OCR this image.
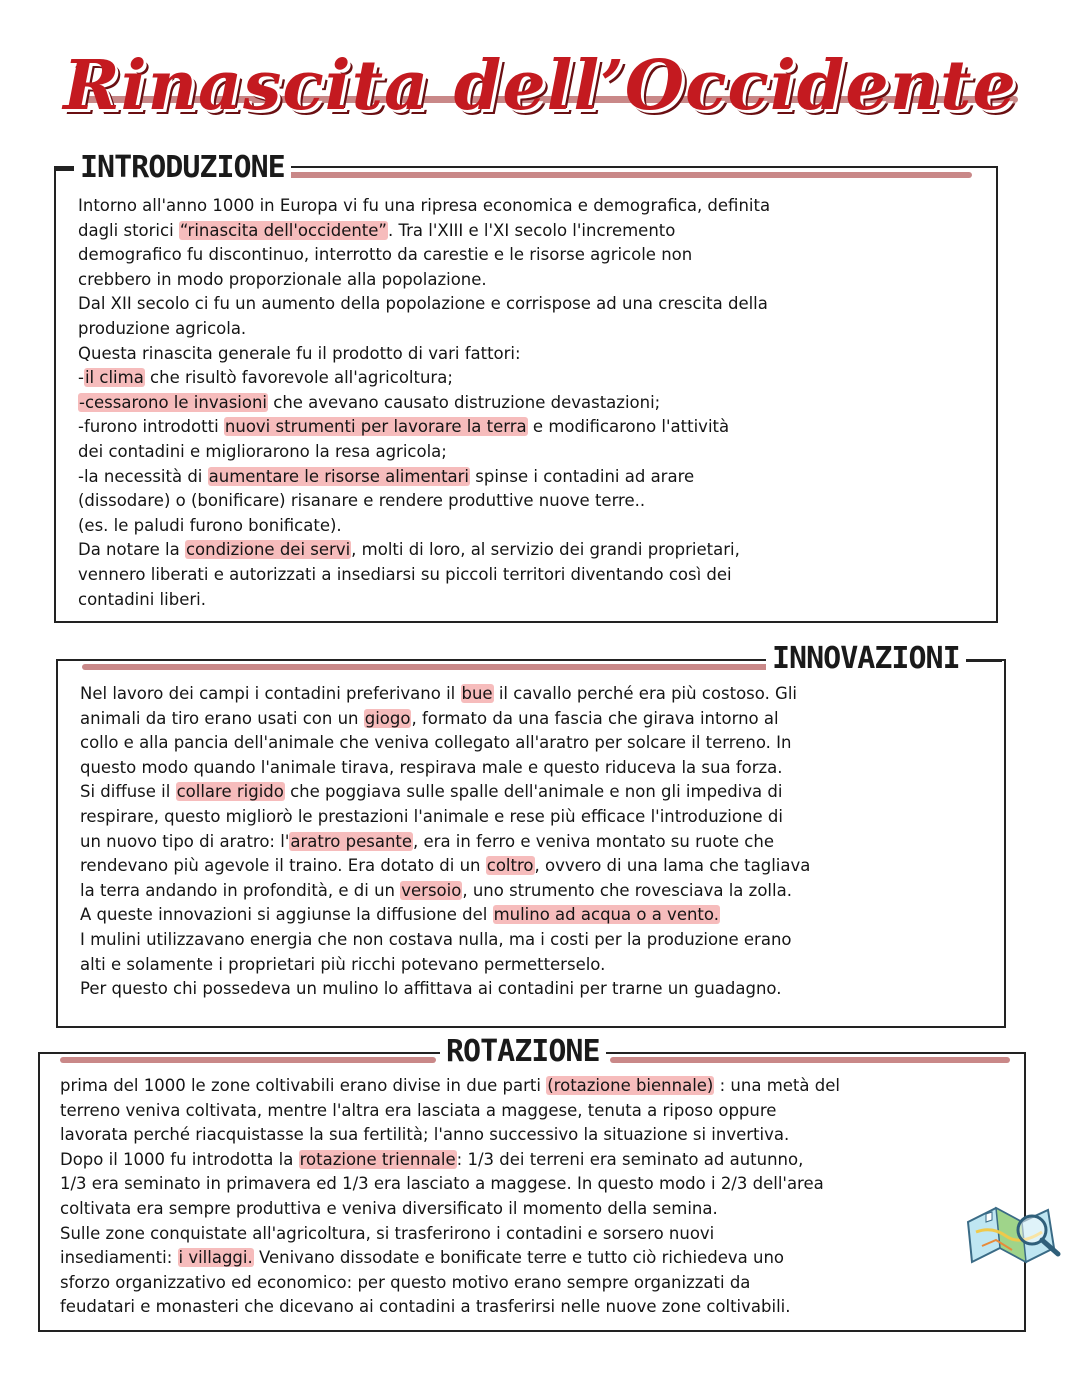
Rinascita dell’Occidente
INTRODUZIONE

Intorno all'anno 1000 in Europa vi fu una ripresa economica e demografica, definita

dagli storici “rinascita dell'occidente”. Tra l'XIII e l'XI secolo l'incremento

demografico fu discontinuo, interrotto da carestie e le risorse agricole non

crebbero in modo proporzionale alla popolazione.

Dal XII secolo ci fu un aumento della popolazione e corrispose ad una crescita della

produzione agricola.

Questa rinascita generale fu il prodotto di vari fattori:

-il clima che risultò favorevole all'agricoltura;

-cessarono le invasioni che avevano causato distruzione devastazioni;

-furono introdotti nuovi strumenti per lavorare la terra e modificarono l'attività

dei contadini e migliorarono la resa agricola;

-la necessità di aumentare le risorse alimentari spinse i contadini ad arare

(dissodare) o (bonificare) risanare e rendere produttive nuove terre..

(es. le paludi furono bonificate).

Da notare la condizione dei servi, molti di loro, al servizio dei grandi proprietari,

vennero liberati e autorizzati a insediarsi su piccoli territori diventando così dei

contadini liberi.

INNOVAZIONI

Nel lavoro dei campi i contadini preferivano il bue il cavallo perché era più costoso. Gli

animali da tiro erano usati con un giogo, formato da una fascia che girava intorno al

collo e alla pancia dell'animale che veniva collegato all'aratro per solcare il terreno. In

questo modo quando l'animale tirava, respirava male e questo riduceva la sua forza.

Si diffuse il collare rigido che poggiava sulle spalle dell'animale e non gli impediva di

respirare, questo migliorò le prestazioni l'animale e rese più efficace l'introduzione di

un nuovo tipo di aratro: l'aratro pesante, era in ferro e veniva montato su ruote che

rendevano più agevole il traino. Era dotato di un coltro, ovvero di una lama che tagliava

la terra andando in profondità, e di un versoio, uno strumento che rovesciava la zolla.

A queste innovazioni si aggiunse la diffusione del mulino ad acqua o a vento.

I mulini utilizzavano energia che non costava nulla, ma i costi per la produzione erano

alti e solamente i proprietari più ricchi potevano permetterselo.

Per questo chi possedeva un mulino lo affittava ai contadini per trarne un guadagno.

ROTAZIONE

prima del 1000 le zone coltivabili erano divise in due parti (rotazione biennale) : una metà del

terreno veniva coltivata, mentre l'altra era lasciata a maggese, tenuta a riposo oppure

lavorata perché riacquistasse la sua fertilità; l'anno successivo la situazione si invertiva.

Dopo il 1000 fu introdotta la rotazione triennale: 1/3 dei terreni era seminato ad autunno,

1/3 era seminato in primavera ed 1/3 era lasciato a maggese. In questo modo i 2/3 dell'area

coltivata era sempre produttiva e veniva diversificato il momento della semina.

Sulle zone conquistate all'agricoltura, si trasferirono i contadini e sorsero nuovi

insediamenti: i villaggi. Venivano dissodate e bonificate terre e tutto ciò richiedeva uno

sforzo organizzativo ed economico: per questo motivo erano sempre organizzati da

feudatari e monasteri che dicevano ai contadini a trasferirsi nelle nuove zone coltivabili.
